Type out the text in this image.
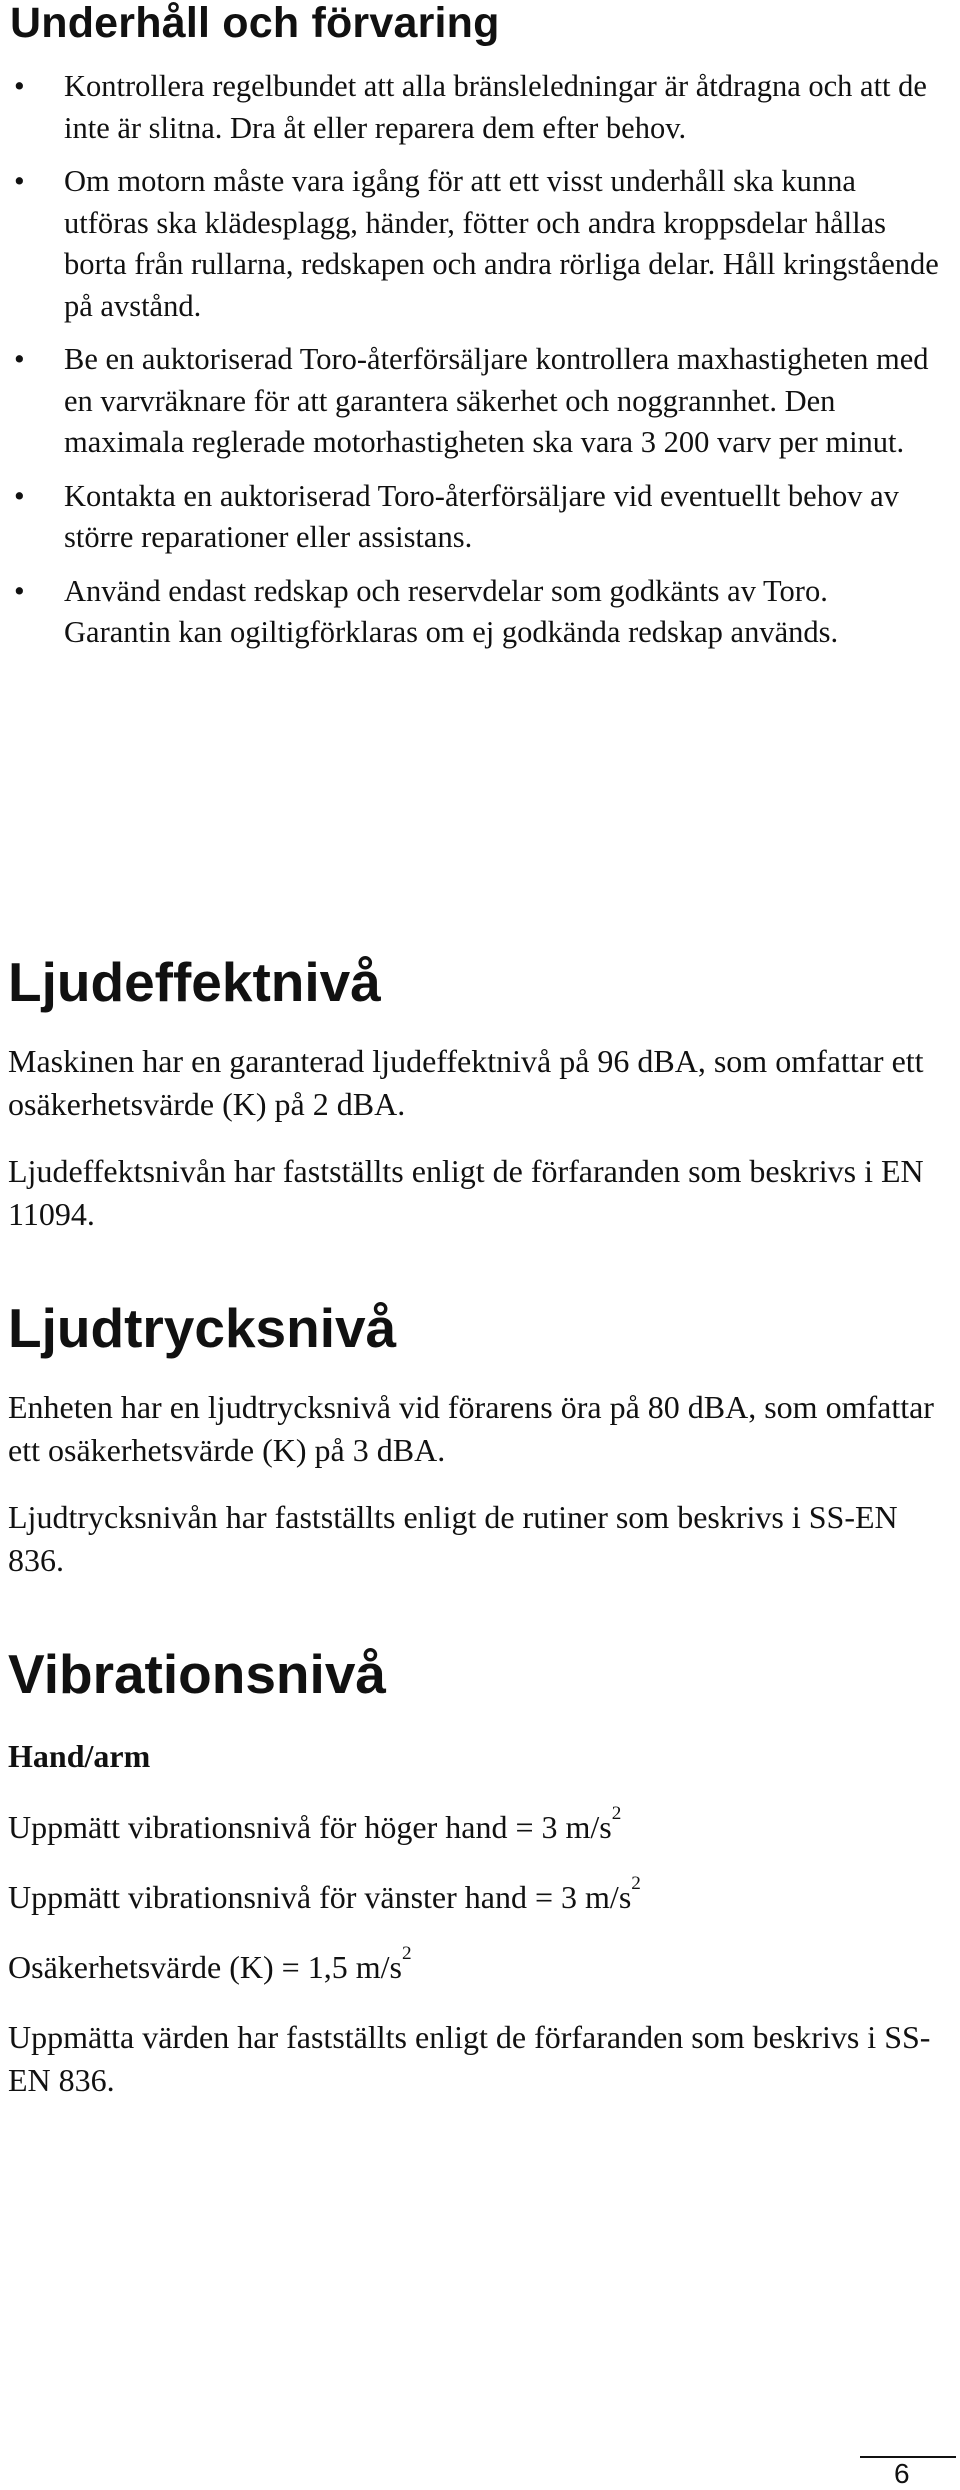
Underhåll och förvaring
• Kontrollera regelbundet att alla bränsleledningar är åtdragna och att de inte är slitna. Dra åt eller reparera dem efter behov.
• Om motorn måste vara igång för att ett visst underhåll ska kunna utföras ska klädesplagg, händer, fötter och andra kroppsdelar hållas borta från rullarna, redskapen och andra rörliga delar. Håll kringstående på avstånd.
• Be en auktoriserad Toro-återförsäljare kontrollera maxhastigheten med en varvräknare för att garantera säkerhet och noggrannhet. Den maximala reglerade motorhastigheten ska vara 3 200 varv per minut.
• Kontakta en auktoriserad Toro-återförsäljare vid eventuellt behov av större reparationer eller assistans.
• Använd endast redskap och reservdelar som godkänts av Toro. Garantin kan ogiltigförklaras om ej godkända redskap används.
Ljudeffektnivå

Maskinen har en garanterad ljudeffektnivå på 96 dBA, som omfattar ett osäkerhetsvärde (K) på 2 dBA.

Ljudeffektsnivån har fastställts enligt de förfaranden som beskrivs i EN 11094.

Ljudtrycksnivå

Enheten har en ljudtrycksnivå vid förarens öra på 80 dBA, som omfattar ett osäkerhetsvärde (K) på 3 dBA.

Ljudtrycksnivån har fastställts enligt de rutiner som beskrivs i SS-EN 836.

Vibrationsnivå
Hand/arm

Uppmätt vibrationsnivå för höger hand = 3 $m/s^2$

Uppmätt vibrationsnivå för vänster hand = 3 $m/s^2$

Osäkerhetsvärde (K) = 1,5 $m/s^2$

Uppmätta värden har fastställts enligt de förfaranden som beskrivs i SS-EN 836.

6
